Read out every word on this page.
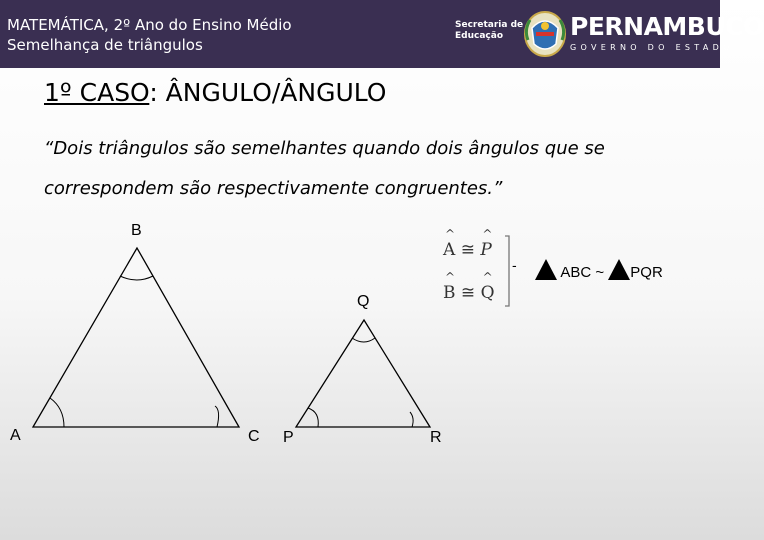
MATEMÁTICA, 2º Ano do Ensino Médio
Semelhança de triângulos
Secretaria de
Educação	PERNAMBUCO
GOVERNO DO ESTADO
1º CASO: ÂNGULO/ÂNGULO
“Dois triângulos são semelhantes quando dois ângulos que se
correspondem são respectivamente congruentes.”
B
A	C
Q
P	R
^ A ≅ ^ P
^ B ≅ ^ Q
-	ABC ~ PQR
